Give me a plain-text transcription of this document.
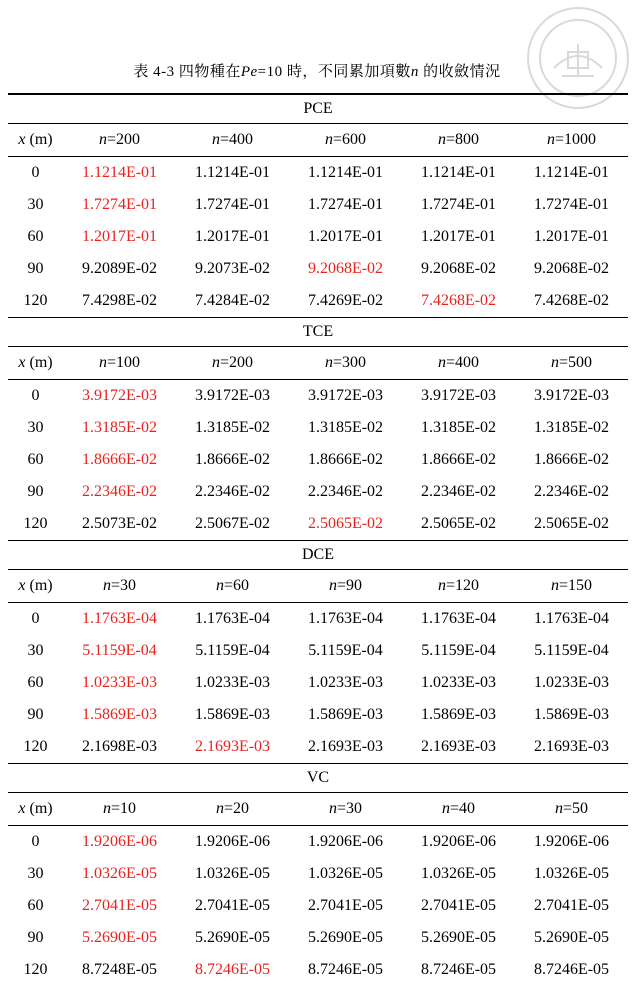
表 4-3 四物種在Pe=10 時，不同累加項數n 的收斂情況
PCE					
x (m)	n=200	n=400	n=600	n=800	n=1000
0	1.1214E-01	1.1214E-01	1.1214E-01	1.1214E-01	1.1214E-01
30	1.7274E-01	1.7274E-01	1.7274E-01	1.7274E-01	1.7274E-01
60	1.2017E-01	1.2017E-01	1.2017E-01	1.2017E-01	1.2017E-01
90	9.2089E-02	9.2073E-02	9.2068E-02	9.2068E-02	9.2068E-02
120	7.4298E-02	7.4284E-02	7.4269E-02	7.4268E-02	7.4268E-02
TCE					
x (m)	n=100	n=200	n=300	n=400	n=500
0	3.9172E-03	3.9172E-03	3.9172E-03	3.9172E-03	3.9172E-03
30	1.3185E-02	1.3185E-02	1.3185E-02	1.3185E-02	1.3185E-02
60	1.8666E-02	1.8666E-02	1.8666E-02	1.8666E-02	1.8666E-02
90	2.2346E-02	2.2346E-02	2.2346E-02	2.2346E-02	2.2346E-02
120	2.5073E-02	2.5067E-02	2.5065E-02	2.5065E-02	2.5065E-02
DCE					
x (m)	n=30	n=60	n=90	n=120	n=150
0	1.1763E-04	1.1763E-04	1.1763E-04	1.1763E-04	1.1763E-04
30	5.1159E-04	5.1159E-04	5.1159E-04	5.1159E-04	5.1159E-04
60	1.0233E-03	1.0233E-03	1.0233E-03	1.0233E-03	1.0233E-03
90	1.5869E-03	1.5869E-03	1.5869E-03	1.5869E-03	1.5869E-03
120	2.1698E-03	2.1693E-03	2.1693E-03	2.1693E-03	2.1693E-03
VC					
x (m)	n=10	n=20	n=30	n=40	n=50
0	1.9206E-06	1.9206E-06	1.9206E-06	1.9206E-06	1.9206E-06
30	1.0326E-05	1.0326E-05	1.0326E-05	1.0326E-05	1.0326E-05
60	2.7041E-05	2.7041E-05	2.7041E-05	2.7041E-05	2.7041E-05
90	5.2690E-05	5.2690E-05	5.2690E-05	5.2690E-05	5.2690E-05
120	8.7248E-05	8.7246E-05	8.7246E-05	8.7246E-05	8.7246E-05
